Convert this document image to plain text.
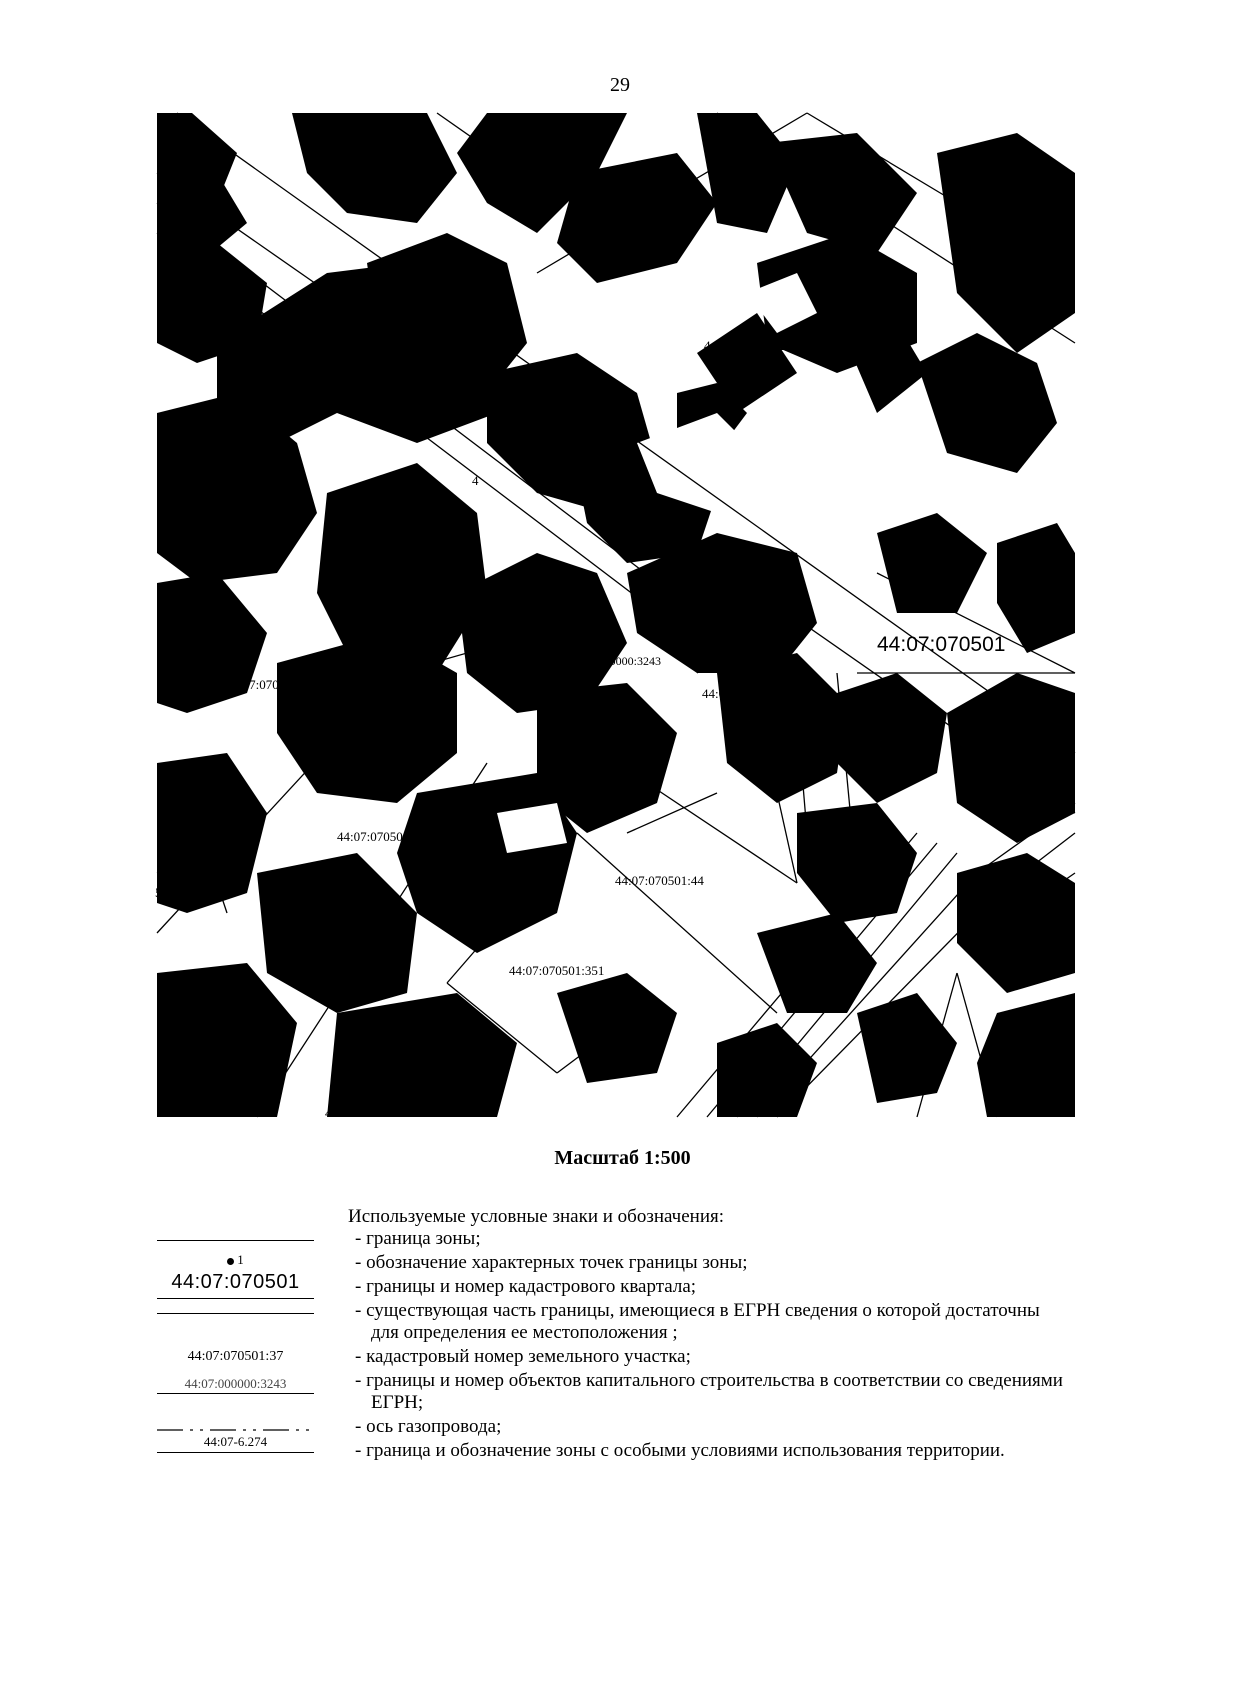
29
44:07:070501:20
1:14
4
44:07:070501:7
44:07:070501
44:07:000000:3243
44:07-6.274
44:07:07050
44:07:070501:44
44:07:070501:351
52
44:07:070501:4
B
Масштаб 1:500
Используемые условные знаки и обозначения:
1
44:07:070501
44:07:070501:37
44:07:000000:3243
44:07-6.274
- граница зоны;
- обозначение характерных точек границы зоны;
- границы и номер кадастрового квартала;
- существующая часть границы, имеющиеся в ЕГРН сведения о которой достаточны
для определения ее местоположения ;
- кадастровый номер земельного участка;
- границы и номер объектов капитального строительства в соответствии со сведениями
ЕГРН;
- ось газопровода;
- граница и обозначение зоны с особыми условиями использования территории.
